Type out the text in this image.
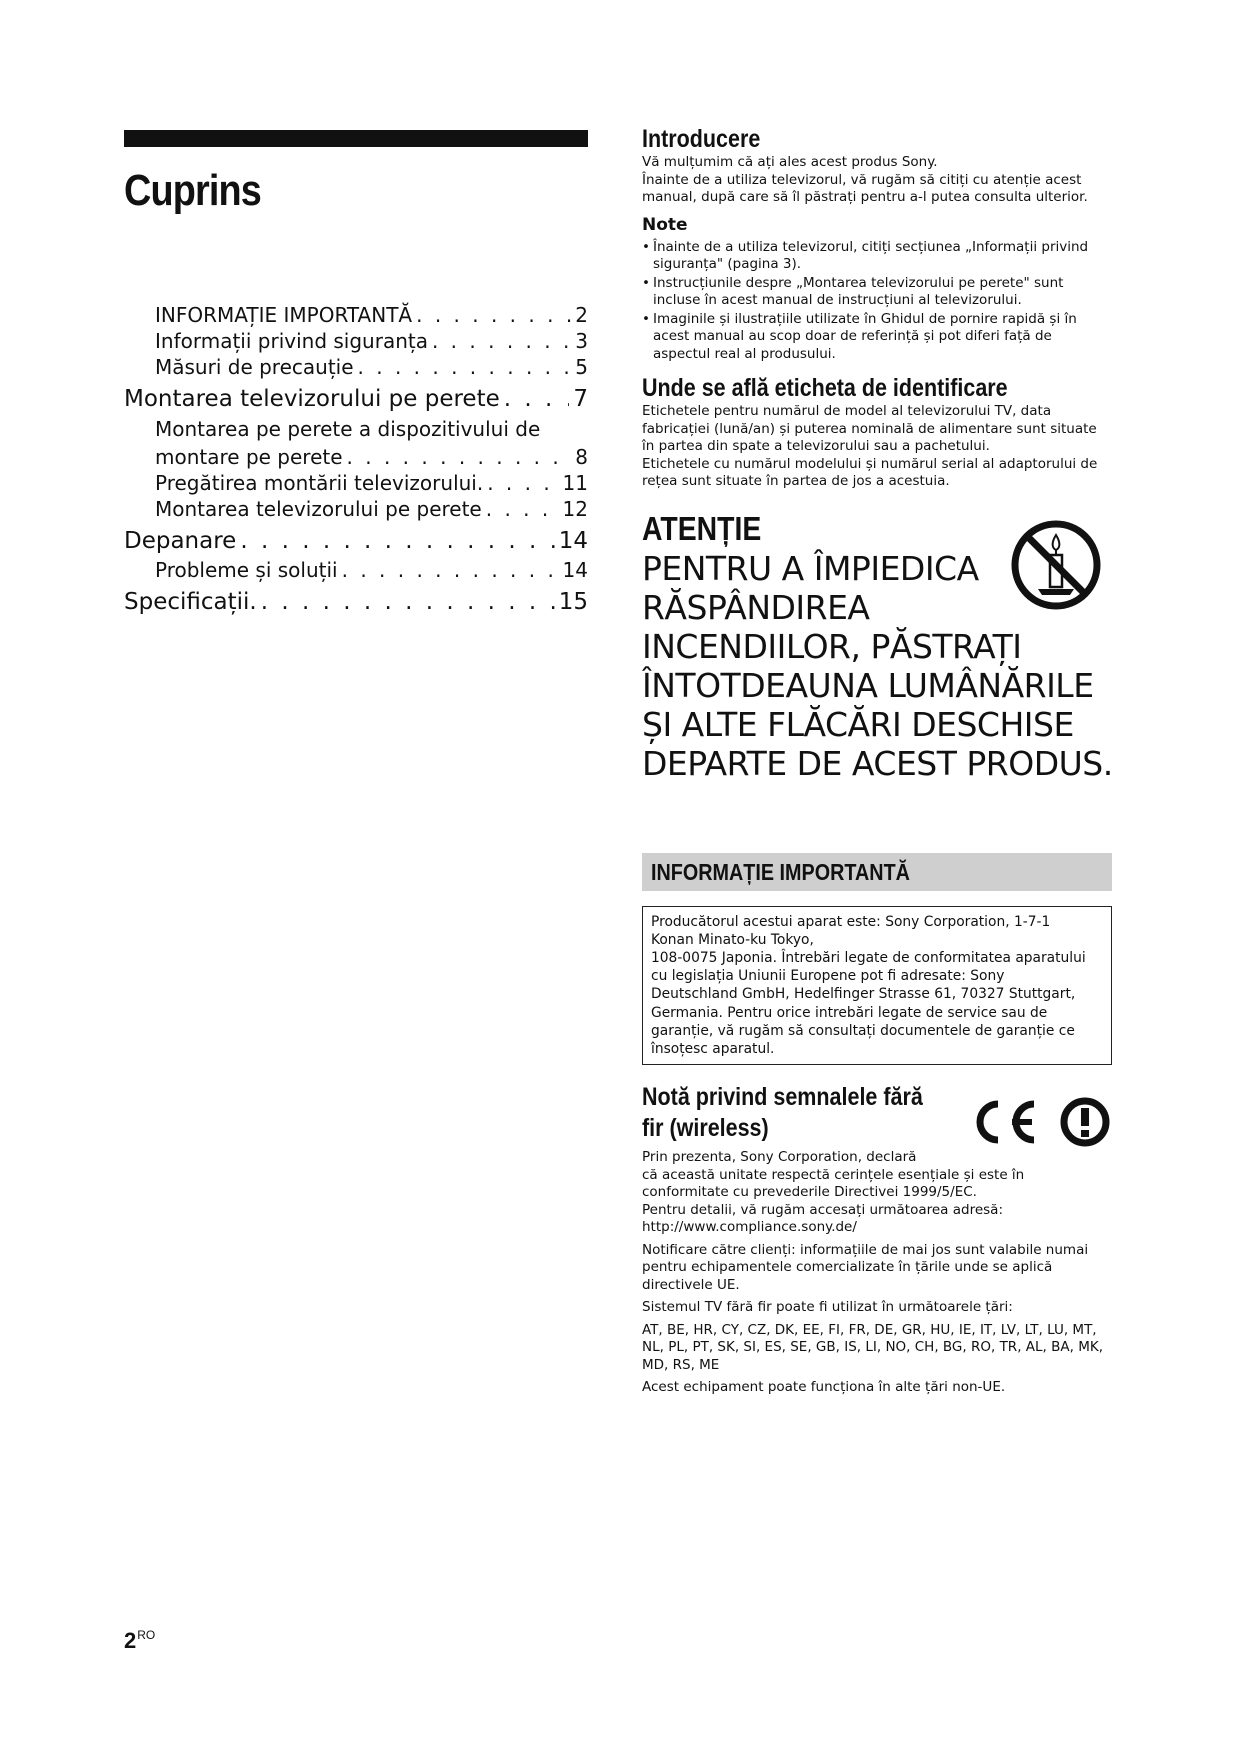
Cuprins
INFORMAȚIE IMPORTANTĂ . . .	2
Informații privind siguranța . . .	3
Măsuri de precauție . . .	5
Montarea televizorului pe perete . . .	7
Montarea pe perete a dispozitivului de
montare pe perete . . .	8
Pregătirea montării televizorului. . . .	11
Montarea televizorului pe perete . . .	12
Depanare . . .	14
Probleme și soluții . . .	14
Specificații. . . .	15
$2^{RO}$
Introducere

Vă mulțumim că ați ales acest produs Sony.

Înainte de a utiliza televizorul, vă rugăm să citiți cu atenție acest manual, după care să îl păstrați pentru a-l putea consulta ulterior.

Note
• Înainte de a utiliza televizorul, citiți secțiunea „Informații privind siguranța" (pagina 3).
• Instrucțiunile despre „Montarea televizorului pe perete" sunt incluse în acest manual de instrucțiuni al televizorului.
• Imaginile și ilustrațiile utilizate în Ghidul de pornire rapidă și în acest manual au scop doar de referință și pot diferi față de aspectul real al produsului.
Unde se află eticheta de identificare

Etichetele pentru numărul de model al televizorului TV, data fabricației (lună/an) și puterea nominală de alimentare sunt situate în partea din spate a televizorului sau a pachetului.

Etichetele cu numărul modelului și numărul serial al adaptorului de rețea sunt situate în partea de jos a acestuia.

ATENȚIE
PENTRU A ÎMPIEDICA
RĂSPÂNDIREA
INCENDIILOR, PĂSTRAȚI
ÎNTOTDEAUNA LUMÂNĂRILE
ȘI ALTE FLĂCĂRI DESCHISE
DEPARTE DE ACEST PRODUS.
INFORMAȚIE IMPORTANTĂ
Producătorul acestui aparat este: Sony Corporation, 1-7-1
Konan Minato-ku Tokyo,
108-0075 Japonia. Întrebări legate de conformitatea aparatului
cu legislația Uniunii Europene pot fi adresate: Sony
Deutschland GmbH, Hedelfinger Strasse 61, 70327 Stuttgart,
Germania. Pentru orice intrebări legate de service sau de
garanție, vă rugăm să consultați documentele de garanție ce
însoțesc aparatul.
Notă privind semnalele fără
fir (wireless)

Prin prezenta, Sony Corporation, declară
că această unitate respectă cerințele esențiale și este în
conformitate cu prevederile Directivei 1999/5/EC.
Pentru detalii, vă rugăm accesați următoarea adresă:
http://www.compliance.sony.de/

Notificare către clienți: informațiile de mai jos sunt valabile numai pentru echipamentele comercializate în țările unde se aplică directivele UE.

Sistemul TV fără fir poate fi utilizat în următoarele țări:

AT, BE, HR, CY, CZ, DK, EE, FI, FR, DE, GR, HU, IE, IT, LV, LT, LU, MT, NL, PL, PT, SK, SI, ES, SE, GB, IS, LI, NO, CH, BG, RO, TR, AL, BA, MK, MD, RS, ME

Acest echipament poate funcționa în alte țări non-UE.
